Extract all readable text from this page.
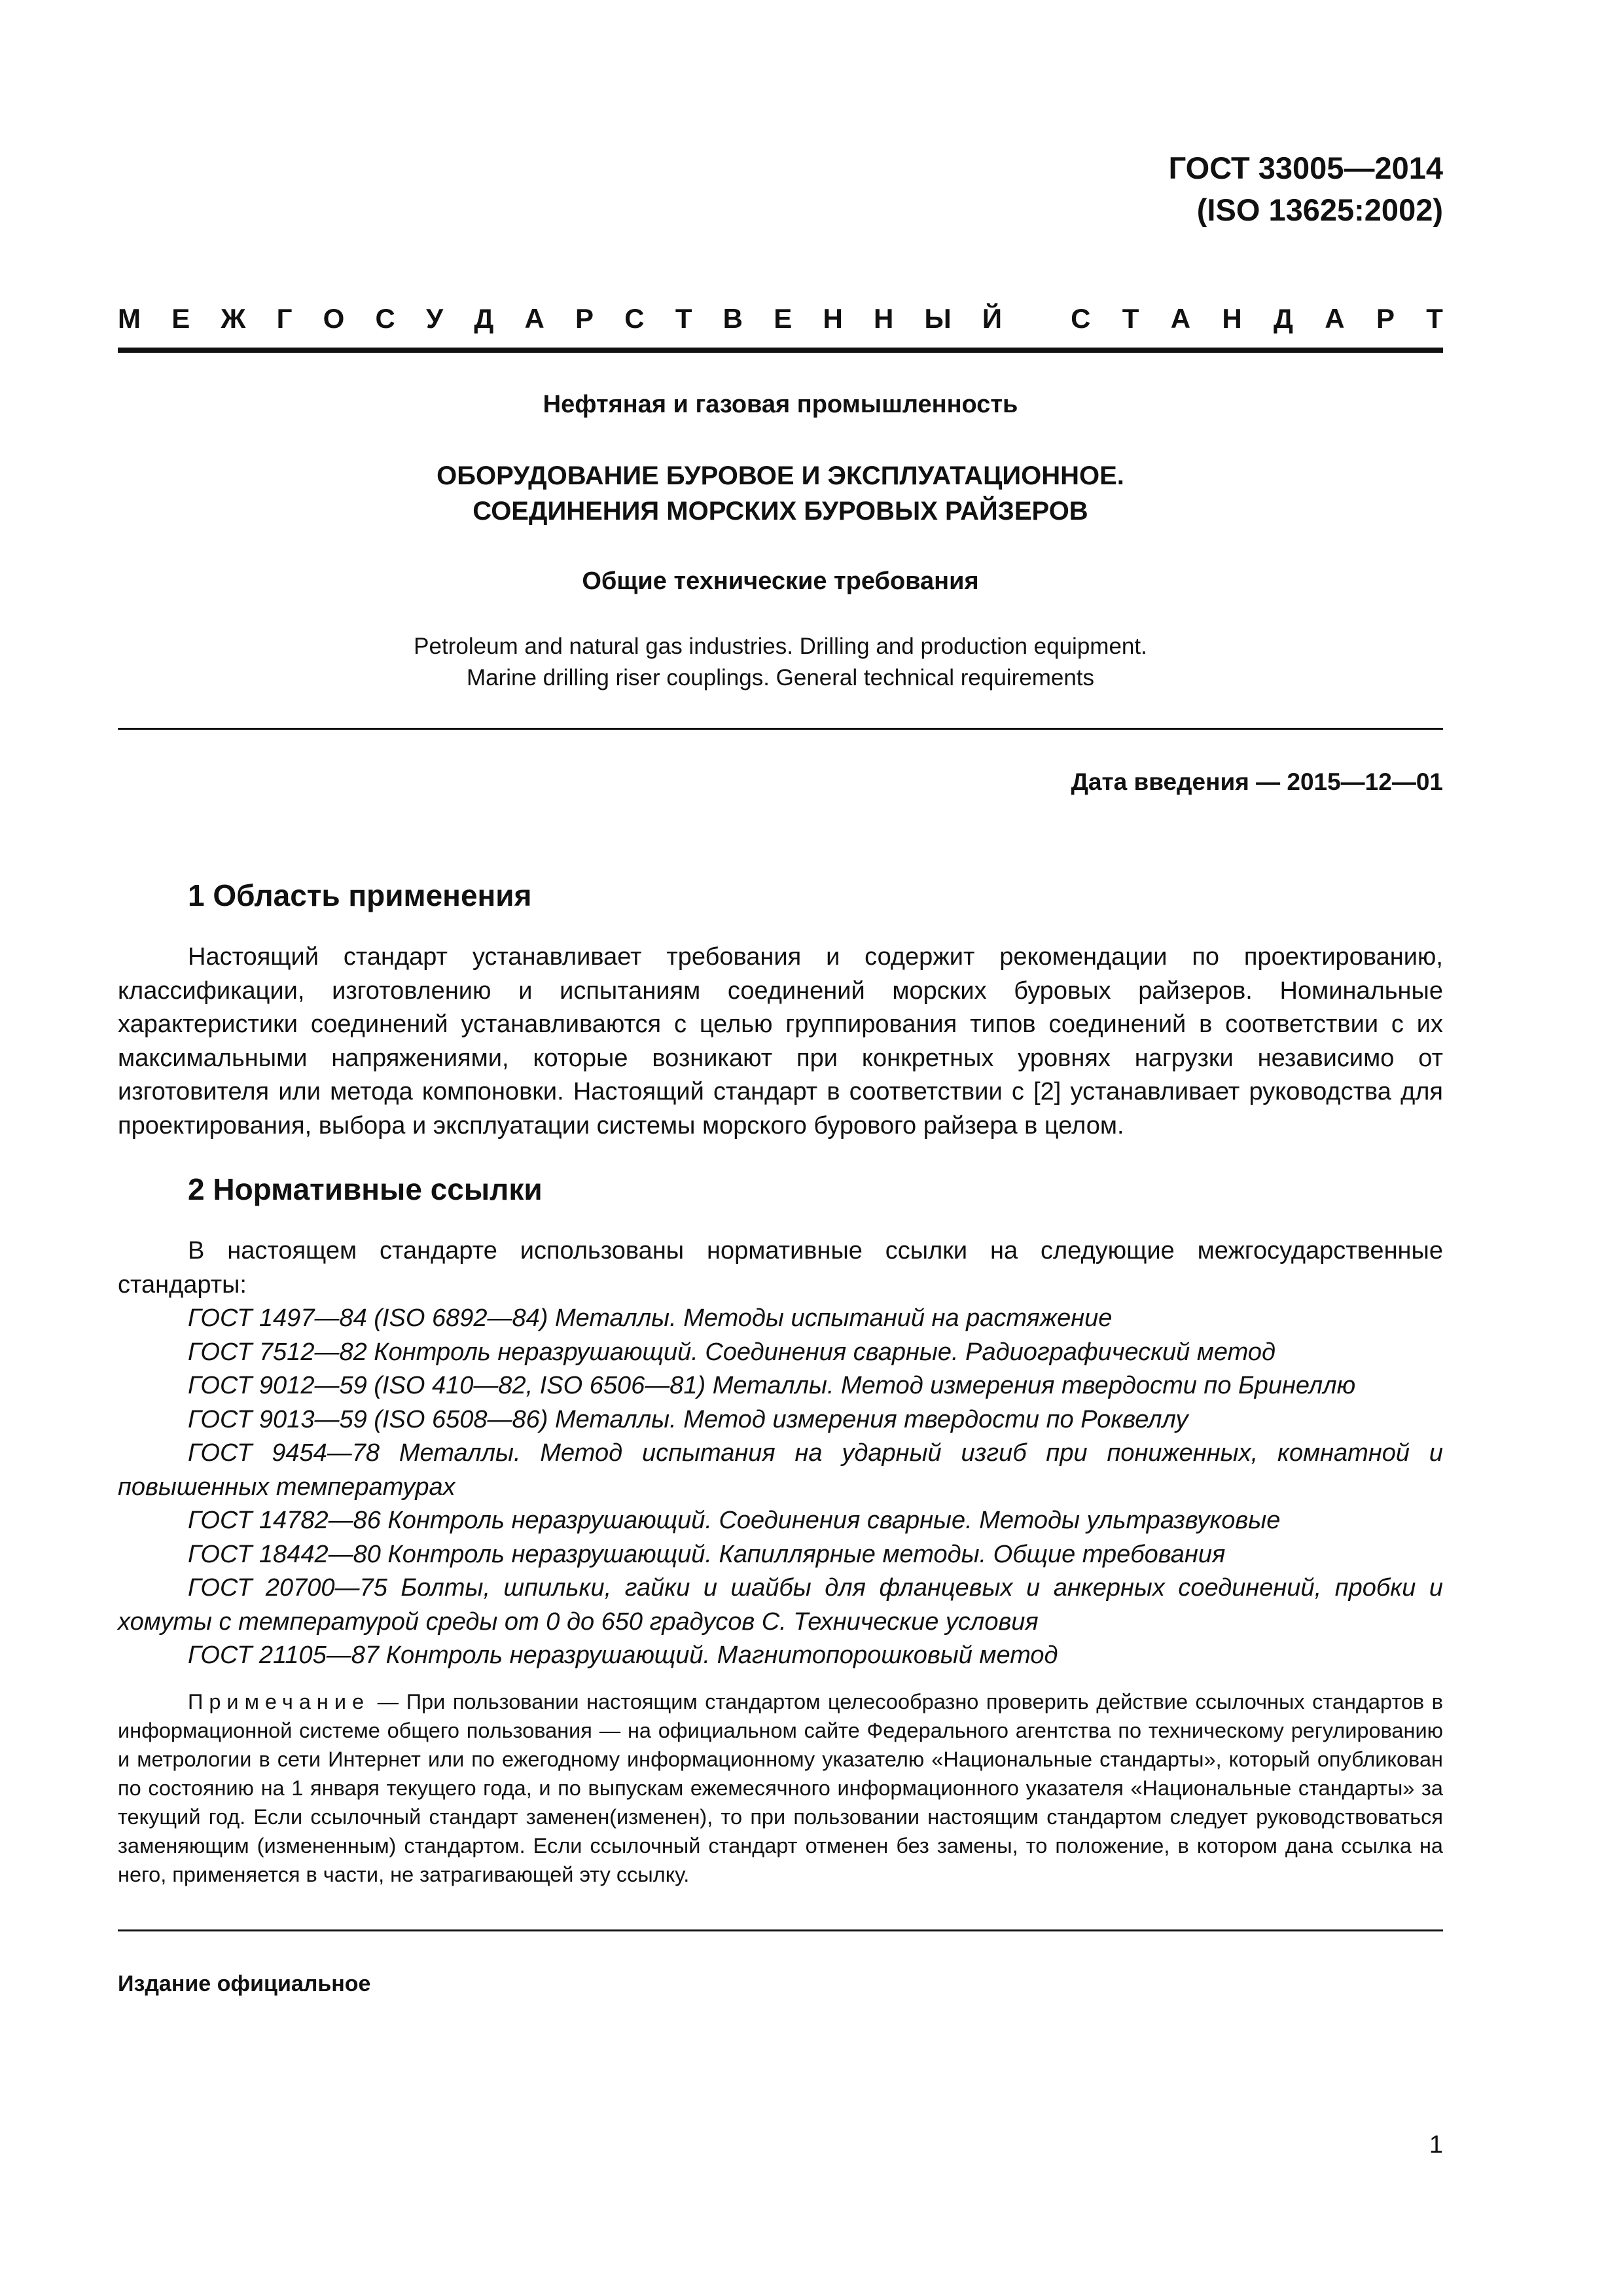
ГОСТ 33005—2014
(ISO 13625:2002)
М Е Ж Г О С У Д А Р С Т В Е Н Н Ы Й	С Т А Н Д А Р Т
Нефтяная и газовая промышленность
ОБОРУДОВАНИЕ БУРОВОЕ И ЭКСПЛУАТАЦИОННОЕ.
СОЕДИНЕНИЯ МОРСКИХ БУРОВЫХ РАЙЗЕРОВ
Общие технические требования
Petroleum and natural gas industries. Drilling and production equipment.
Marine drilling riser couplings. General technical requirements
Дата введения — 2015—12—01
1 Область применения

Настоящий стандарт устанавливает требования и содержит рекомендации по проектированию, классификации, изготовлению и испытаниям соединений морских буровых райзеров. Номинальные характеристики соединений устанавливаются с целью группирования типов соединений в соответствии с их максимальными напряжениями, которые возникают при конкретных уровнях нагрузки независимо от изготовителя или метода компоновки. Настоящий стандарт в соответствии с [2] устанавливает руководства для проектирования, выбора и эксплуатации системы морского бурового райзера в целом.

2 Нормативные ссылки

В настоящем стандарте использованы нормативные ссылки на следующие межгосударственные стандарты:

ГОСТ 1497—84 (ISO 6892—84) Металлы. Методы испытаний на растяжение

ГОСТ 7512—82 Контроль неразрушающий. Соединения сварные. Радиографический метод

ГОСТ 9012—59 (ISO 410—82, ISO 6506—81) Металлы. Метод измерения твердости по Бринеллю

ГОСТ 9013—59 (ISO 6508—86) Металлы. Метод измерения твердости по Роквеллу

ГОСТ 9454—78 Металлы. Метод испытания на ударный изгиб при пониженных, комнатной и повышенных температурах

ГОСТ 14782—86 Контроль неразрушающий. Соединения сварные. Методы ультразвуковые

ГОСТ 18442—80 Контроль неразрушающий. Капиллярные методы. Общие требования

ГОСТ 20700—75 Болты, шпильки, гайки и шайбы для фланцевых и анкерных соединений, пробки и хомуты с температурой среды от 0 до 650 градусов С. Технические условия

ГОСТ 21105—87 Контроль неразрушающий. Магнитопорошковый метод

Примечание — При пользовании настоящим стандартом целесообразно проверить действие ссылочных стандартов в информационной системе общего пользования — на официальном сайте Федерального агентства по техническому регулированию и метрологии в сети Интернет или по ежегодному информационному указателю «Национальные стандарты», который опубликован по состоянию на 1 января текущего года, и по выпускам ежемесячного информационного указателя «Национальные стандарты» за текущий год. Если ссылочный стандарт заменен(изменен), то при пользовании настоящим стандартом следует руководствоваться заменяющим (измененным) стандартом. Если ссылочный стандарт отменен без замены, то положение, в котором дана ссылка на него, применяется в части, не затрагивающей эту ссылку.

Издание официальное
1
